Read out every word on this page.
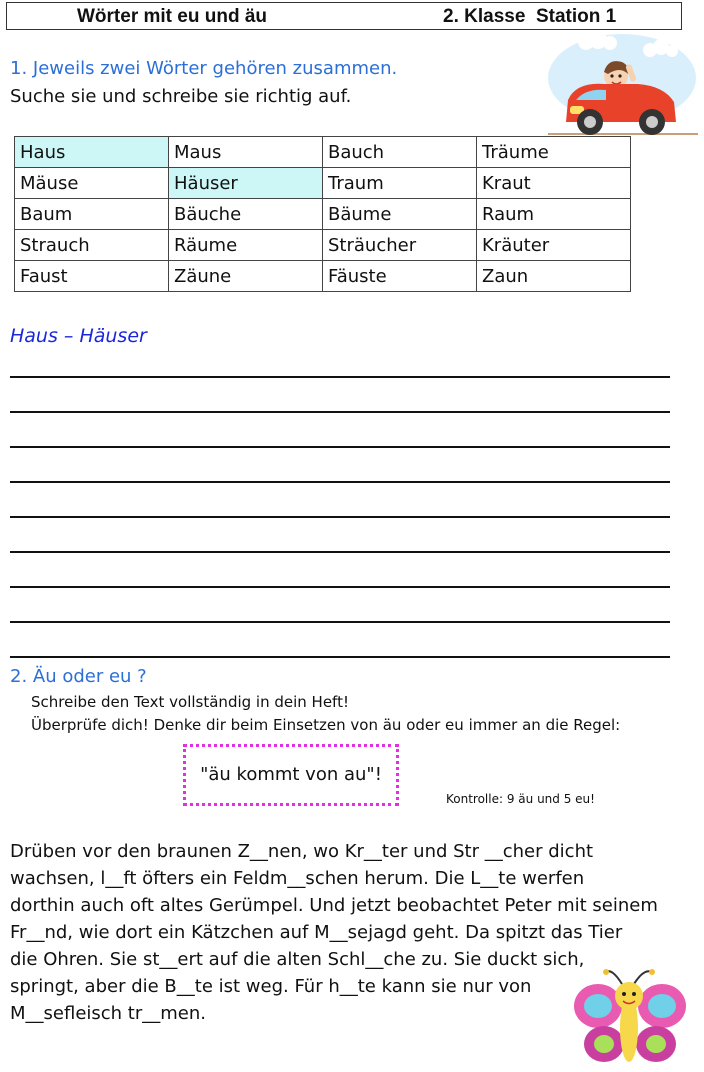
Wörter mit eu und äu	2. Klasse  Station 1
1. Jeweils zwei Wörter gehören zusammen.
Suche sie und schreibe sie richtig auf.
Haus	Maus	Bauch	Träume
Mäuse	Häuser	Traum	Kraut
Baum	Bäuche	Bäume	Raum
Strauch	Räume	Sträucher	Kräuter
Faust	Zäune	Fäuste	Zaun
Haus – Häuser
2. Äu oder eu ?
Schreibe den Text vollständig in dein Heft!
Überprüfe dich! Denke dir beim Einsetzen von äu oder eu immer an die Regel:
"äu kommt von au"!
Kontrolle: 9 äu und 5 eu!
Drüben vor den braunen Z__nen, wo Kr__ter und Str __cher dicht
wachsen, l__ft öfters ein Feldm__schen herum. Die L__te werfen
dorthin auch oft altes Gerümpel. Und jetzt beobachtet Peter mit seinem
Fr__nd, wie dort ein Kätzchen auf M__sejagd geht. Da spitzt das Tier
die Ohren. Sie st__ert auf die alten Schl__che zu. Sie duckt sich,
springt, aber die B__te ist weg. Für h__te kann sie nur von
M__sefleisch tr__men.
